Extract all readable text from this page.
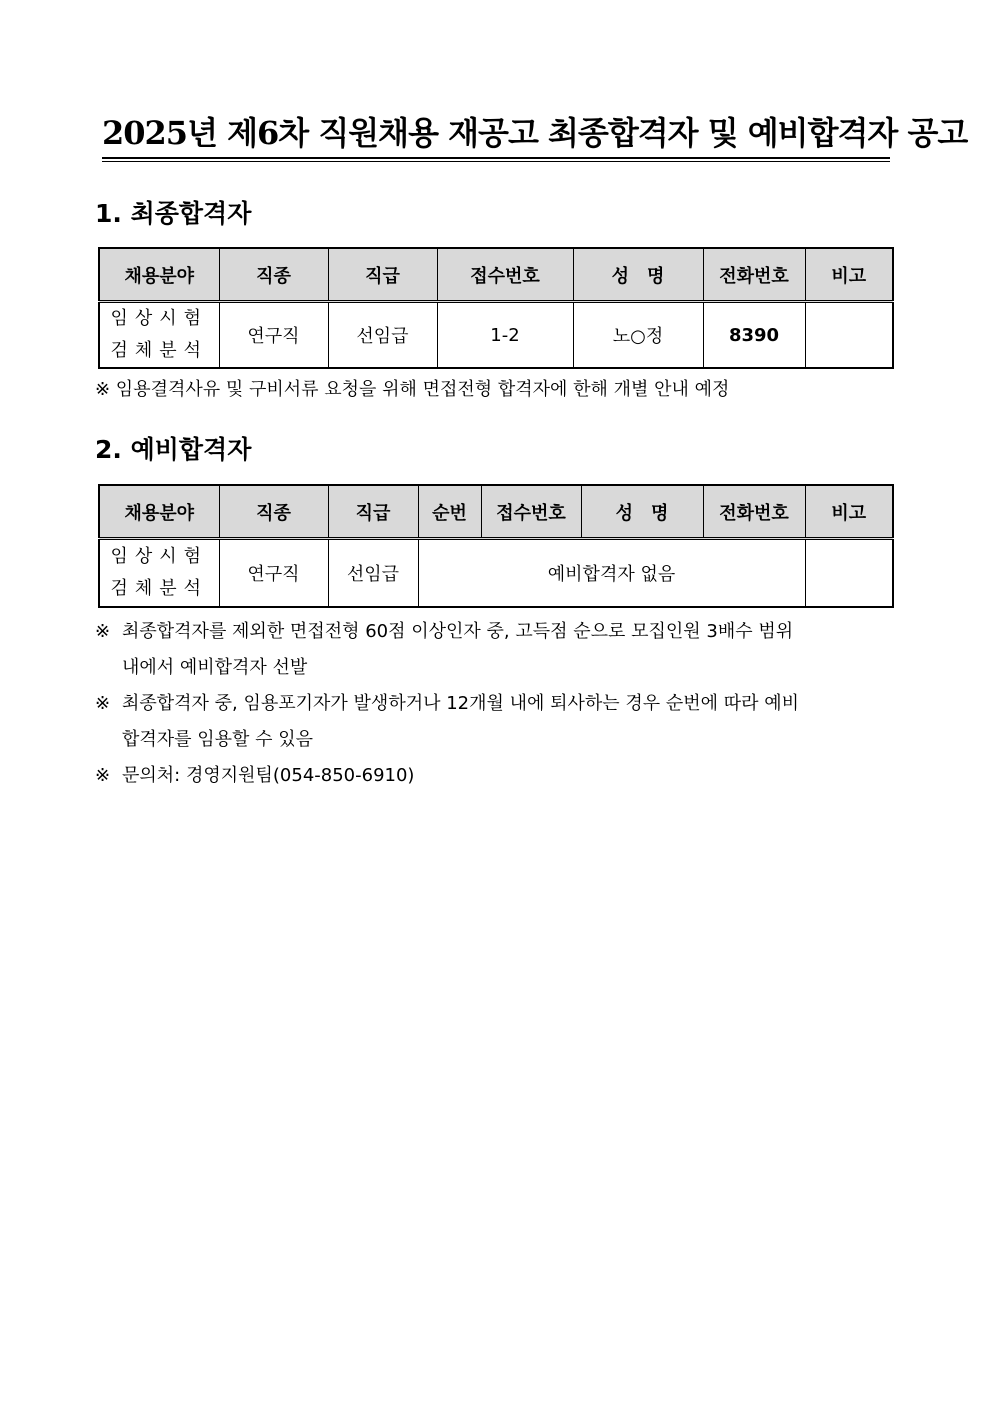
2025년 제6차 직원채용 재공고 최종합격자 및 예비합격자 공고
1. 최종합격자
채용분야	직종	직급	접수번호	성　명	전화번호	비고

임상시험
검체분석	연구직	선임급	1-2	노○정	8390	
※ 임용결격사유 및 구비서류 요청을 위해 면접전형 합격자에 한해 개별 안내 예정
2. 예비합격자
채용분야	직종	직급	순번	접수번호	성　명	전화번호	비고

임상시험
검체분석	연구직	선임급	예비합격자 없음				
※ 최종합격자를 제외한 면접전형 60점 이상인자 중, 고득점 순으로 모집인원 3배수 범위
내에서 예비합격자 선발
※ 최종합격자 중, 임용포기자가 발생하거나 12개월 내에 퇴사하는 경우 순번에 따라 예비
합격자를 임용할 수 있음
※ 문의처: 경영지원팀(054-850-6910)
